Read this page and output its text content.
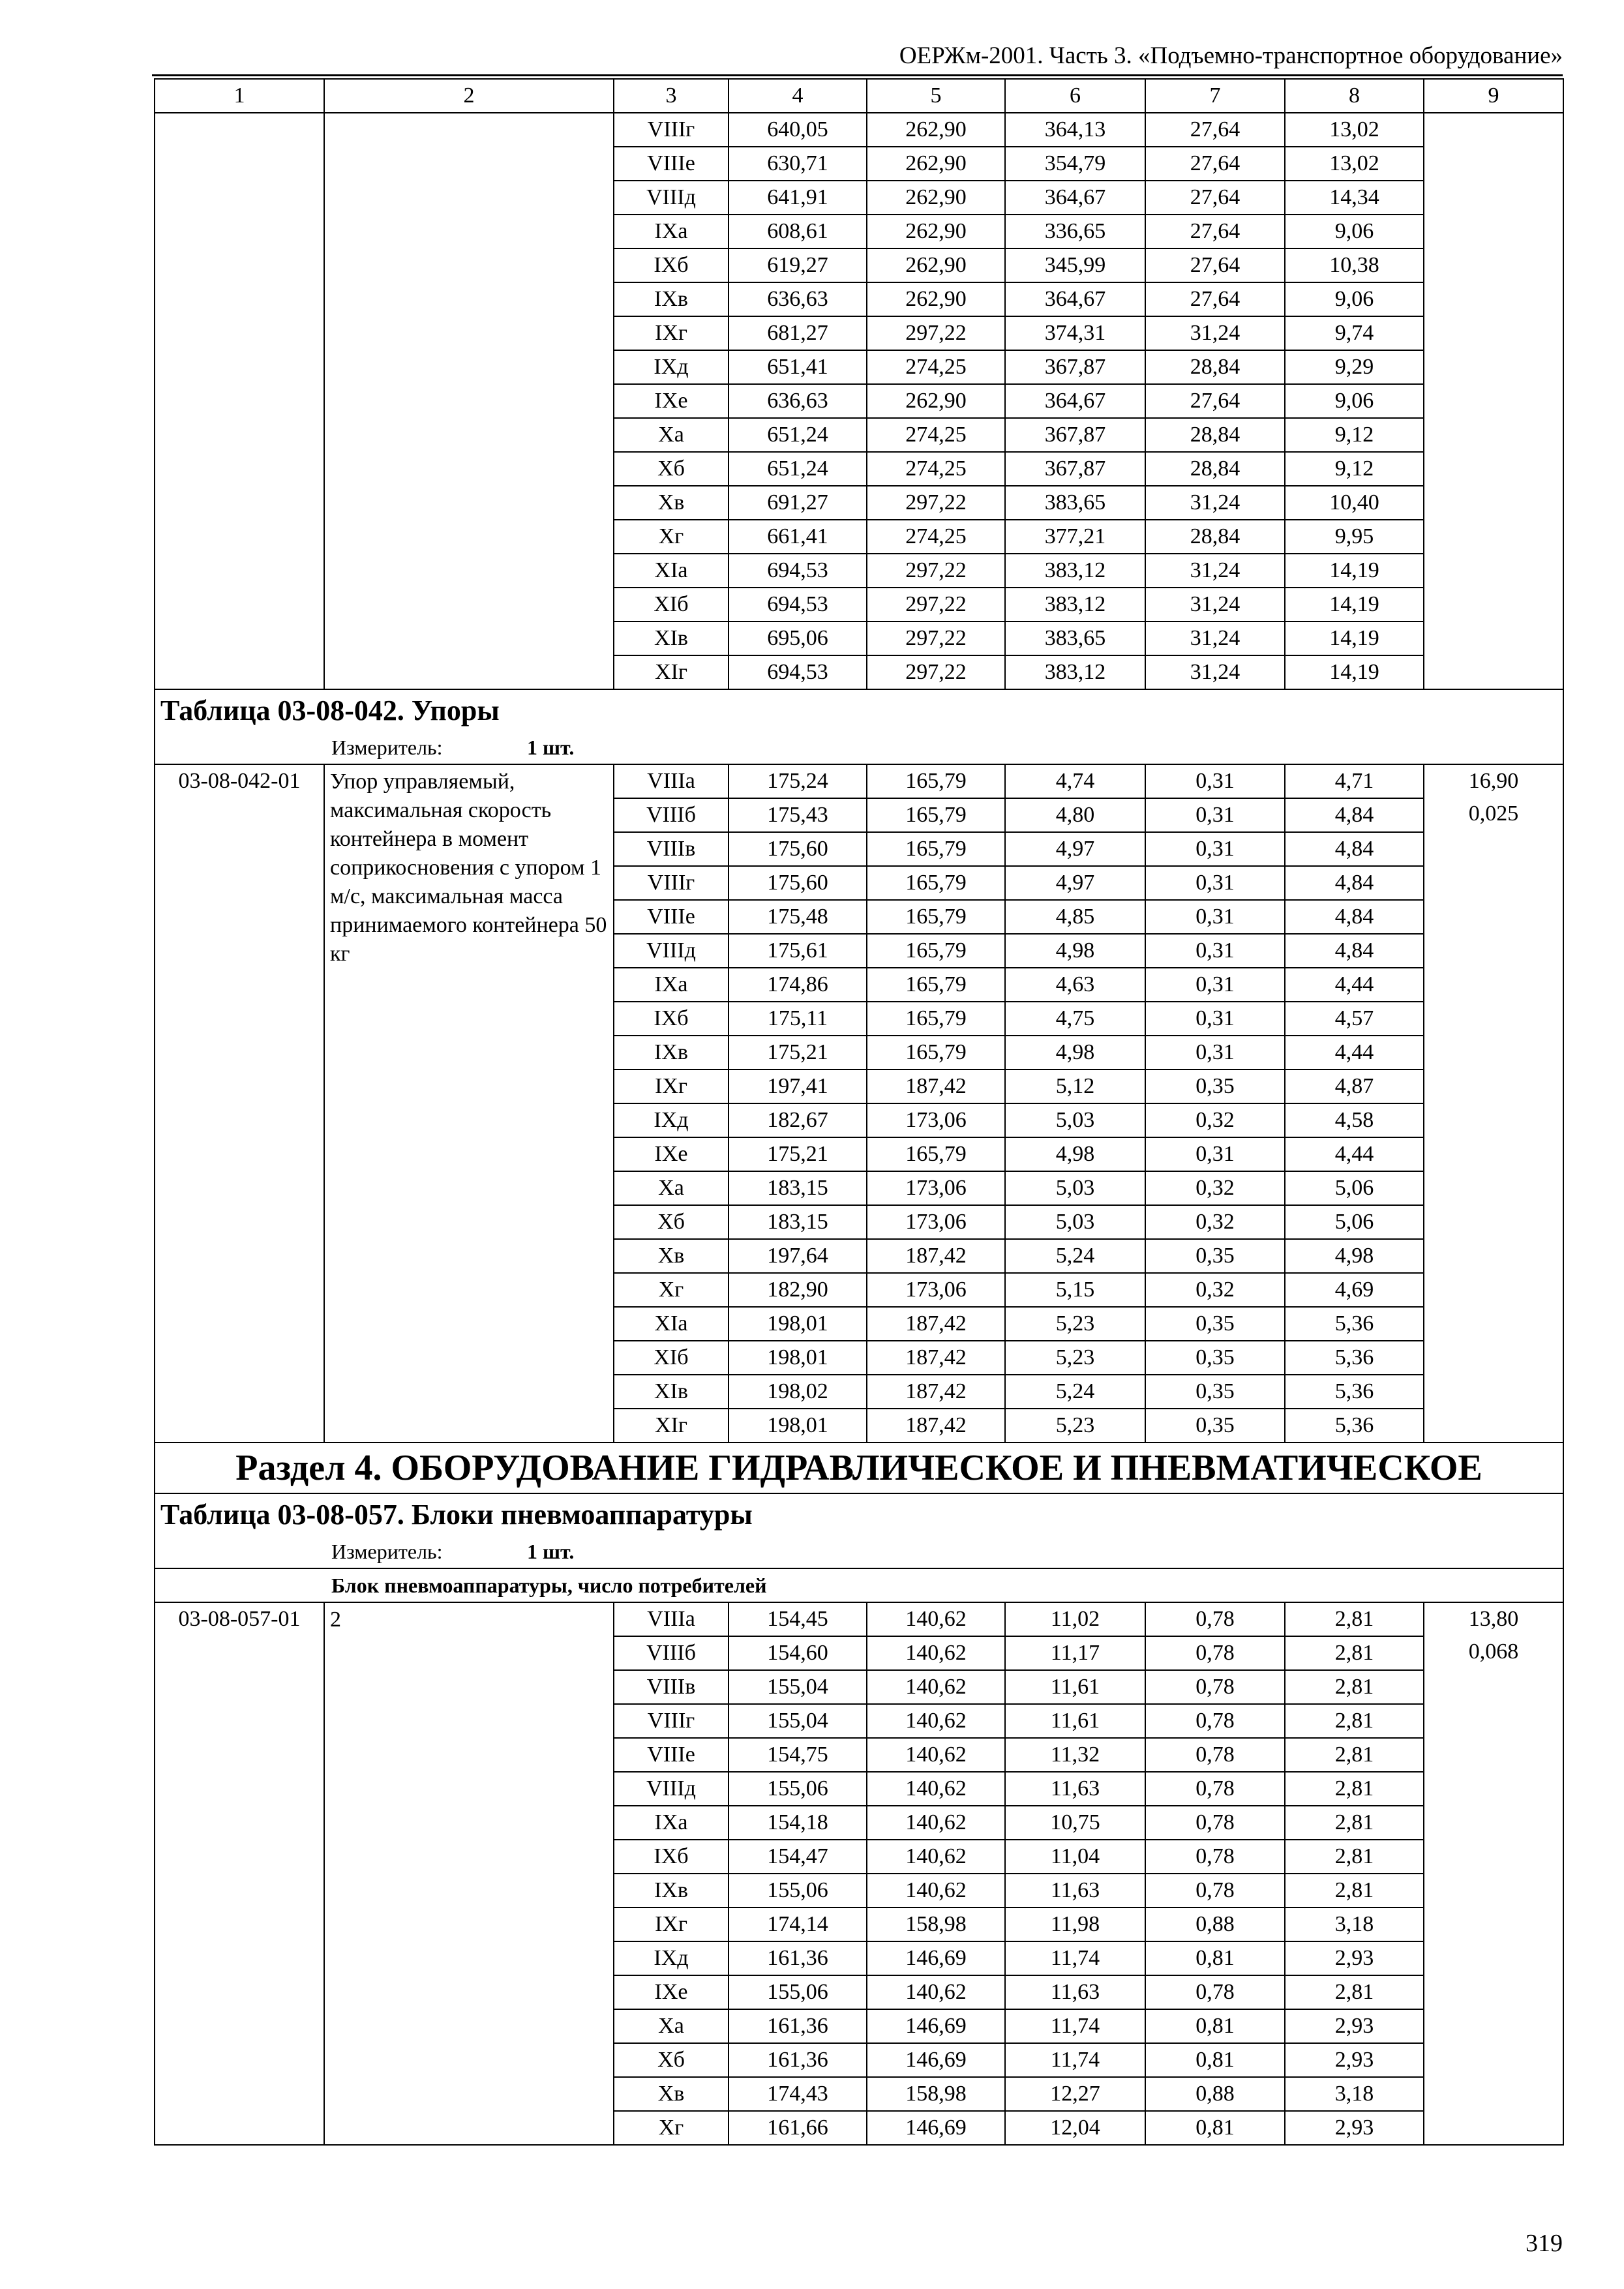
ОЕРЖм-2001. Часть 3. «Подъемно-транспортное оборудование»
1	2	3	4	5	6	7	8	9
		VIIIг	640,05	262,90	364,13	27,64	13,02	
		VIIIе	630,71	262,90	354,79	27,64	13,02	
		VIIIд	641,91	262,90	364,67	27,64	14,34	
		IXа	608,61	262,90	336,65	27,64	9,06	
		IXб	619,27	262,90	345,99	27,64	10,38	
		IXв	636,63	262,90	364,67	27,64	9,06	
		IXг	681,27	297,22	374,31	31,24	9,74	
		IXд	651,41	274,25	367,87	28,84	9,29	
		IXе	636,63	262,90	364,67	27,64	9,06	
		Xа	651,24	274,25	367,87	28,84	9,12	
		Xб	651,24	274,25	367,87	28,84	9,12	
		Xв	691,27	297,22	383,65	31,24	10,40	
		Xг	661,41	274,25	377,21	28,84	9,95	
		XIа	694,53	297,22	383,12	31,24	14,19	
		XIб	694,53	297,22	383,12	31,24	14,19	
		XIв	695,06	297,22	383,65	31,24	14,19	
		XIг	694,53	297,22	383,12	31,24	14,19	
Таблица 03-08-042. Упоры								
Измеритель: 1 шт.								
03-08-042-01	Упор управляемый, максимальная скорость контейнера в момент соприкосновения с упором 1 м/с, максимальная масса принимаемого контейнера 50 кг	VIIIа	175,24	165,79	4,74	0,31	4,71	16,90
0,025

		VIIIб	175,43	165,79	4,80	0,31	4,84	
		VIIIв	175,60	165,79	4,97	0,31	4,84	
		VIIIг	175,60	165,79	4,97	0,31	4,84	
		VIIIе	175,48	165,79	4,85	0,31	4,84	
		VIIIд	175,61	165,79	4,98	0,31	4,84	
		IXа	174,86	165,79	4,63	0,31	4,44	
		IXб	175,11	165,79	4,75	0,31	4,57	
		IXв	175,21	165,79	4,98	0,31	4,44	
		IXг	197,41	187,42	5,12	0,35	4,87	
		IXд	182,67	173,06	5,03	0,32	4,58	
		IXе	175,21	165,79	4,98	0,31	4,44	
		Xа	183,15	173,06	5,03	0,32	5,06	
		Xб	183,15	173,06	5,03	0,32	5,06	
		Xв	197,64	187,42	5,24	0,35	4,98	
		Xг	182,90	173,06	5,15	0,32	4,69	
		XIа	198,01	187,42	5,23	0,35	5,36	
		XIб	198,01	187,42	5,23	0,35	5,36	
		XIв	198,02	187,42	5,24	0,35	5,36	
		XIг	198,01	187,42	5,23	0,35	5,36	
Раздел 4. ОБОРУДОВАНИЕ ГИДРАВЛИЧЕСКОЕ И ПНЕВМАТИЧЕСКОЕ								
Таблица 03-08-057. Блоки пневмоаппаратуры								
Измеритель: 1 шт.								
Блок пневмоаппаратуры, число потребителей								
03-08-057-01	2	VIIIа	154,45	140,62	11,02	0,78	2,81	13,80
0,068

		VIIIб	154,60	140,62	11,17	0,78	2,81	
		VIIIв	155,04	140,62	11,61	0,78	2,81	
		VIIIг	155,04	140,62	11,61	0,78	2,81	
		VIIIе	154,75	140,62	11,32	0,78	2,81	
		VIIIд	155,06	140,62	11,63	0,78	2,81	
		IXа	154,18	140,62	10,75	0,78	2,81	
		IXб	154,47	140,62	11,04	0,78	2,81	
		IXв	155,06	140,62	11,63	0,78	2,81	
		IXг	174,14	158,98	11,98	0,88	3,18	
		IXд	161,36	146,69	11,74	0,81	2,93	
		IXе	155,06	140,62	11,63	0,78	2,81	
		Xа	161,36	146,69	11,74	0,81	2,93	
		Xб	161,36	146,69	11,74	0,81	2,93	
		Xв	174,43	158,98	12,27	0,88	3,18	
		Xг	161,66	146,69	12,04	0,81	2,93	
319
